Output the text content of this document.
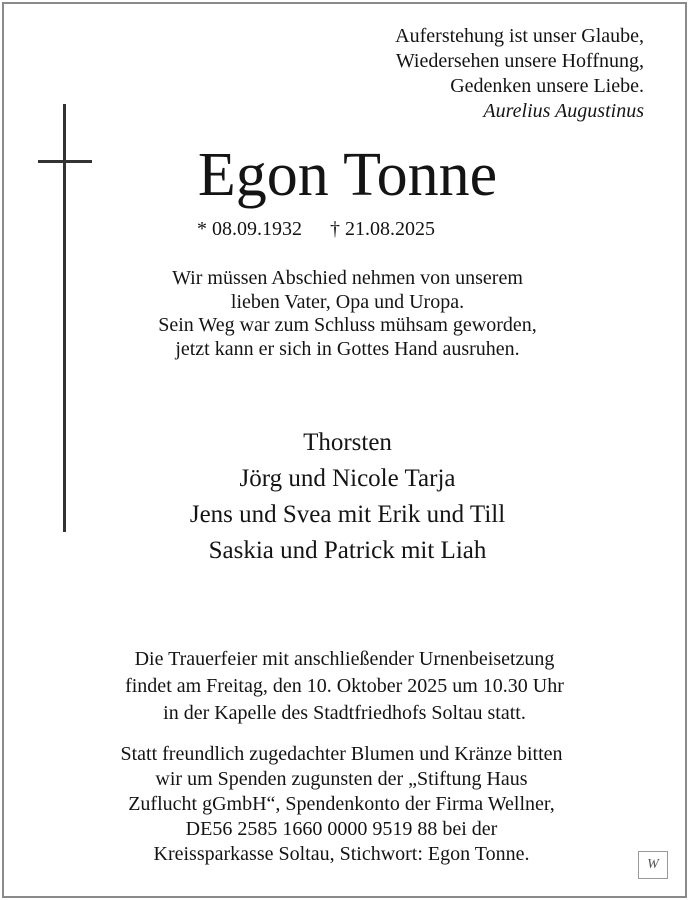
Auferstehung ist unser Glaube,
Wiedersehen unsere Hoffnung,
Gedenken unsere Liebe.
Aurelius Augustinus
Egon Tonne
* 08.09.1932 † 21.08.2025
Wir müssen Abschied nehmen von unserem
lieben Vater, Opa und Uropa.
Sein Weg war zum Schluss mühsam geworden,
jetzt kann er sich in Gottes Hand ausruhen.
Thorsten
Jörg und Nicole Tarja
Jens und Svea mit Erik und Till
Saskia und Patrick mit Liah
Die Trauerfeier mit anschließender Urnenbeisetzung
findet am Freitag, den 10. Oktober 2025 um 10.30 Uhr
in der Kapelle des Stadtfriedhofs Soltau statt.
Statt freundlich zugedachter Blumen und Kränze bitten
wir um Spenden zugunsten der „Stiftung Haus
Zuflucht gGmbH“, Spendenkonto der Firma Wellner,
DE56 2585 1660 0000 9519 88 bei der
Kreissparkasse Soltau, Stichwort: Egon Tonne.	W
